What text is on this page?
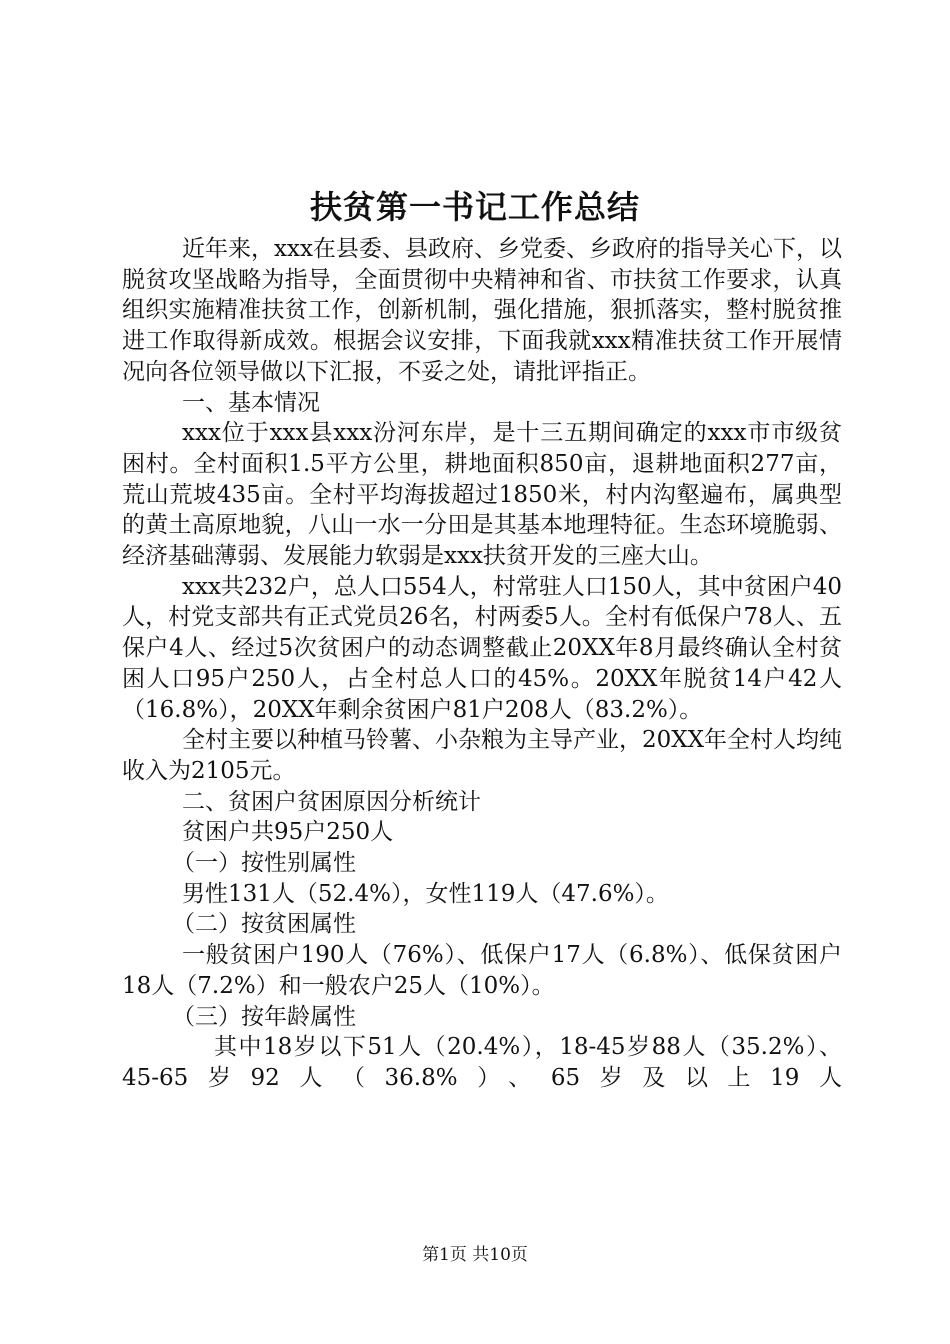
扶贫第一书记工作总结

近年来，xxx在县委、县政府、乡党委、乡政府的指导关心下，以脱贫攻坚战略为指导，全面贯彻中央精神和省、市扶贫工作要求，认真组织实施精准扶贫工作，创新机制，强化措施，狠抓落实，整村脱贫推进工作取得新成效。根据会议安排，下面我就xxx精准扶贫工作开展情况向各位领导做以下汇报，不妥之处，请批评指正。

一、基本情况

xxx位于xxx县xxx汾河东岸，是十三五期间确定的xxx市市级贫困村。全村面积1.5平方公里，耕地面积850亩，退耕地面积277亩，荒山荒坡435亩。全村平均海拔超过1850米，村内沟壑遍布，属典型的黄土高原地貌，八山一水一分田是其基本地理特征。生态环境脆弱、经济基础薄弱、发展能力软弱是xxx扶贫开发的三座大山。

xxx共232户，总人口554人，村常驻人口150人，其中贫困户40人，村党支部共有正式党员26名，村两委5人。全村有低保户78人、五保户4人、经过5次贫困户的动态调整截止20XX年8月最终确认全村贫困人口95户250人，占全村总人口的45%。20XX年脱贫14户42人（16.8%），20XX年剩余贫困户81户208人（83.2%）。

全村主要以种植马铃薯、小杂粮为主导产业，20XX年全村人均纯收入为2105元。

二、贫困户贫困原因分析统计

贫困户共95户250人

（一）按性别属性

男性131人（52.4%），女性119人（47.6%）。

（二）按贫困属性

一般贫困户190人（76%）、低保户17人（6.8%）、低保贫困户18人（7.2%）和一般农户25人（10%）。

（三）按年龄属性

其中18岁以下51人（20.4%），18-45岁88人（35.2%）、45-65岁92人（36.8%）、65岁及以上19人

第1页 共10页
